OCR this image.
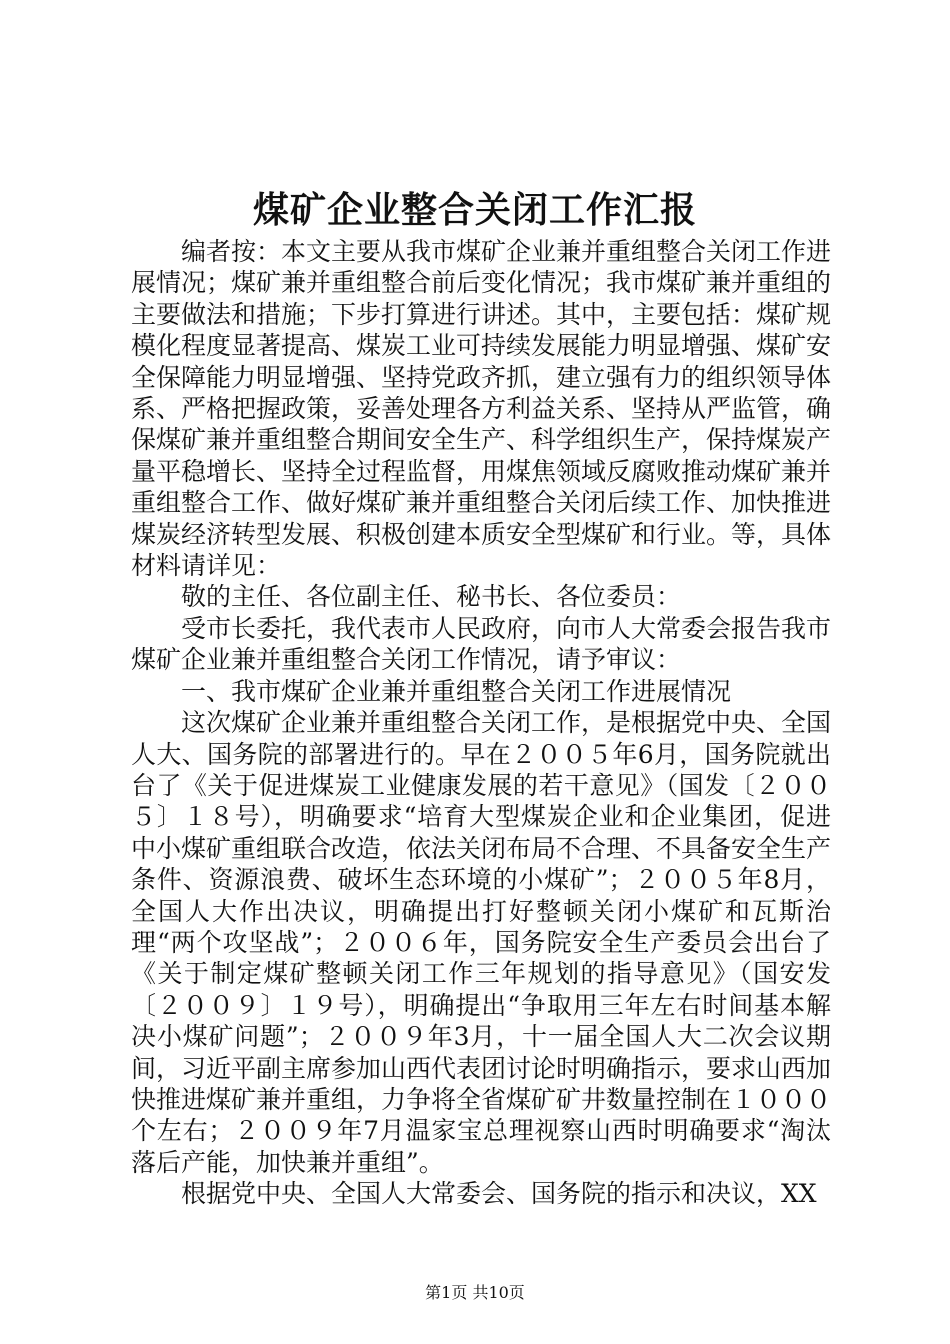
煤矿企业整合关闭工作汇报

编者按：本文主要从我市煤矿企业兼并重组整合关闭工作进展情况；煤矿兼并重组整合前后变化情况；我市煤矿兼并重组的主要做法和措施；下步打算进行讲述。其中，主要包括：煤矿规模化程度显著提高、煤炭工业可持续发展能力明显增强、煤矿安全保障能力明显增强、坚持党政齐抓，建立强有力的组织领导体系、严格把握政策，妥善处理各方利益关系、坚持从严监管，确保煤矿兼并重组整合期间安全生产、科学组织生产，保持煤炭产量平稳增长、坚持全过程监督，用煤焦领域反腐败推动煤矿兼并重组整合工作、做好煤矿兼并重组整合关闭后续工作、加快推进煤炭经济转型发展、积极创建本质安全型煤矿和行业。等，具体材料请详见：

敬的主任、各位副主任、秘书长、各位委员：

受市长委托，我代表市人民政府，向市人大常委会报告我市煤矿企业兼并重组整合关闭工作情况，请予审议：

一、我市煤矿企业兼并重组整合关闭工作进展情况

这次煤矿企业兼并重组整合关闭工作，是根据党中央、全国人大、国务院的部署进行的。早在２００５年6月，国务院就出台了《关于促进煤炭工业健康发展的若干意见》（国发〔２００５〕１８号），明确要求“培育大型煤炭企业和企业集团，促进中小煤矿重组联合改造，依法关闭布局不合理、不具备安全生产条件、资源浪费、破坏生态环境的小煤矿”；２００５年8月，全国人大作出决议，明确提出打好整顿关闭小煤矿和瓦斯治理“两个攻坚战”；２００６年，国务院安全生产委员会出台了《关于制定煤矿整顿关闭工作三年规划的指导意见》（国安发〔２００９〕１９号），明确提出“争取用三年左右时间基本解决小煤矿问题”；２００９年3月，十一届全国人大二次会议期间，习近平副主席参加山西代表团讨论时明确指示，要求山西加快推进煤矿兼并重组，力争将全省煤矿矿井数量控制在１０００个左右；２００９年7月温家宝总理视察山西时明确要求“淘汰落后产能，加快兼并重组”。

根据党中央、全国人大常委会、国务院的指示和决议，XX

第1页 共10页
